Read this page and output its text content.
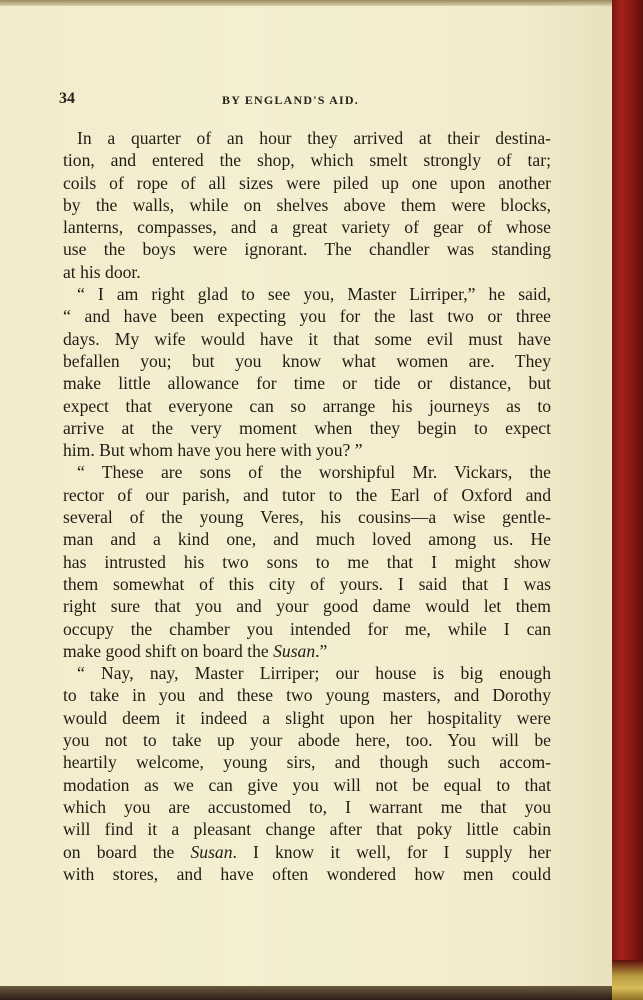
34	BY ENGLAND'S AID.
In a quarter of an hour they arrived at their destina-
tion, and entered the shop, which smelt strongly of tar;
coils of rope of all sizes were piled up one upon another
by the walls, while on shelves above them were blocks,
lanterns, compasses, and a great variety of gear of whose
use the boys were ignorant. The chandler was standing
at his door.
“ I am right glad to see you, Master Lirriper,” he said,
“ and have been expecting you for the last two or three
days. My wife would have it that some evil must have
befallen you; but you know what women are. They
make little allowance for time or tide or distance, but
expect that everyone can so arrange his journeys as to
arrive at the very moment when they begin to expect
him. But whom have you here with you? ”
“ These are sons of the worshipful Mr. Vickars, the
rector of our parish, and tutor to the Earl of Oxford and
several of the young Veres, his cousins—a wise gentle-
man and a kind one, and much loved among us. He
has intrusted his two sons to me that I might show
them somewhat of this city of yours. I said that I was
right sure that you and your good dame would let them
occupy the chamber you intended for me, while I can
make good shift on board the Susan.”
“ Nay, nay, Master Lirriper; our house is big enough
to take in you and these two young masters, and Dorothy
would deem it indeed a slight upon her hospitality were
you not to take up your abode here, too. You will be
heartily welcome, young sirs, and though such accom-
modation as we can give you will not be equal to that
which you are accustomed to, I warrant me that you
will find it a pleasant change after that poky little cabin
on board the Susan. I know it well, for I supply her
with stores, and have often wondered how men could
